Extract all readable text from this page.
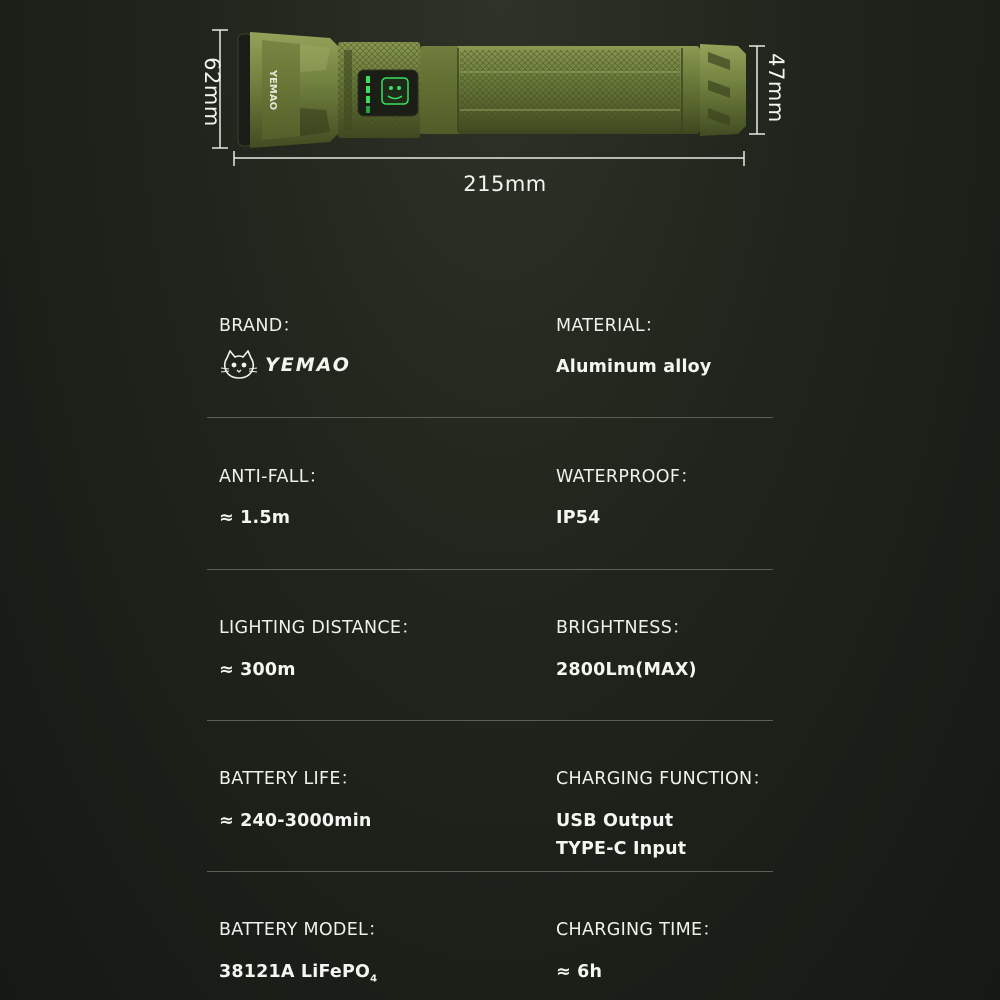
YEMAO
62mm	47mm
215mm
BRAND：
YEMAO
MATERIAL：
Aluminum alloy
ANTI-FALL：
≈ 1.5m
WATERPROOF：
IP54
LIGHTING DISTANCE：
≈ 300m
BRIGHTNESS：
2800Lm(MAX)
BATTERY LIFE：
≈ 240-3000min
CHARGING FUNCTION：
USB Output
TYPE-C Input
BATTERY MODEL：
38121A LiFePO$_4$
CHARGING TIME：
≈ 6h
